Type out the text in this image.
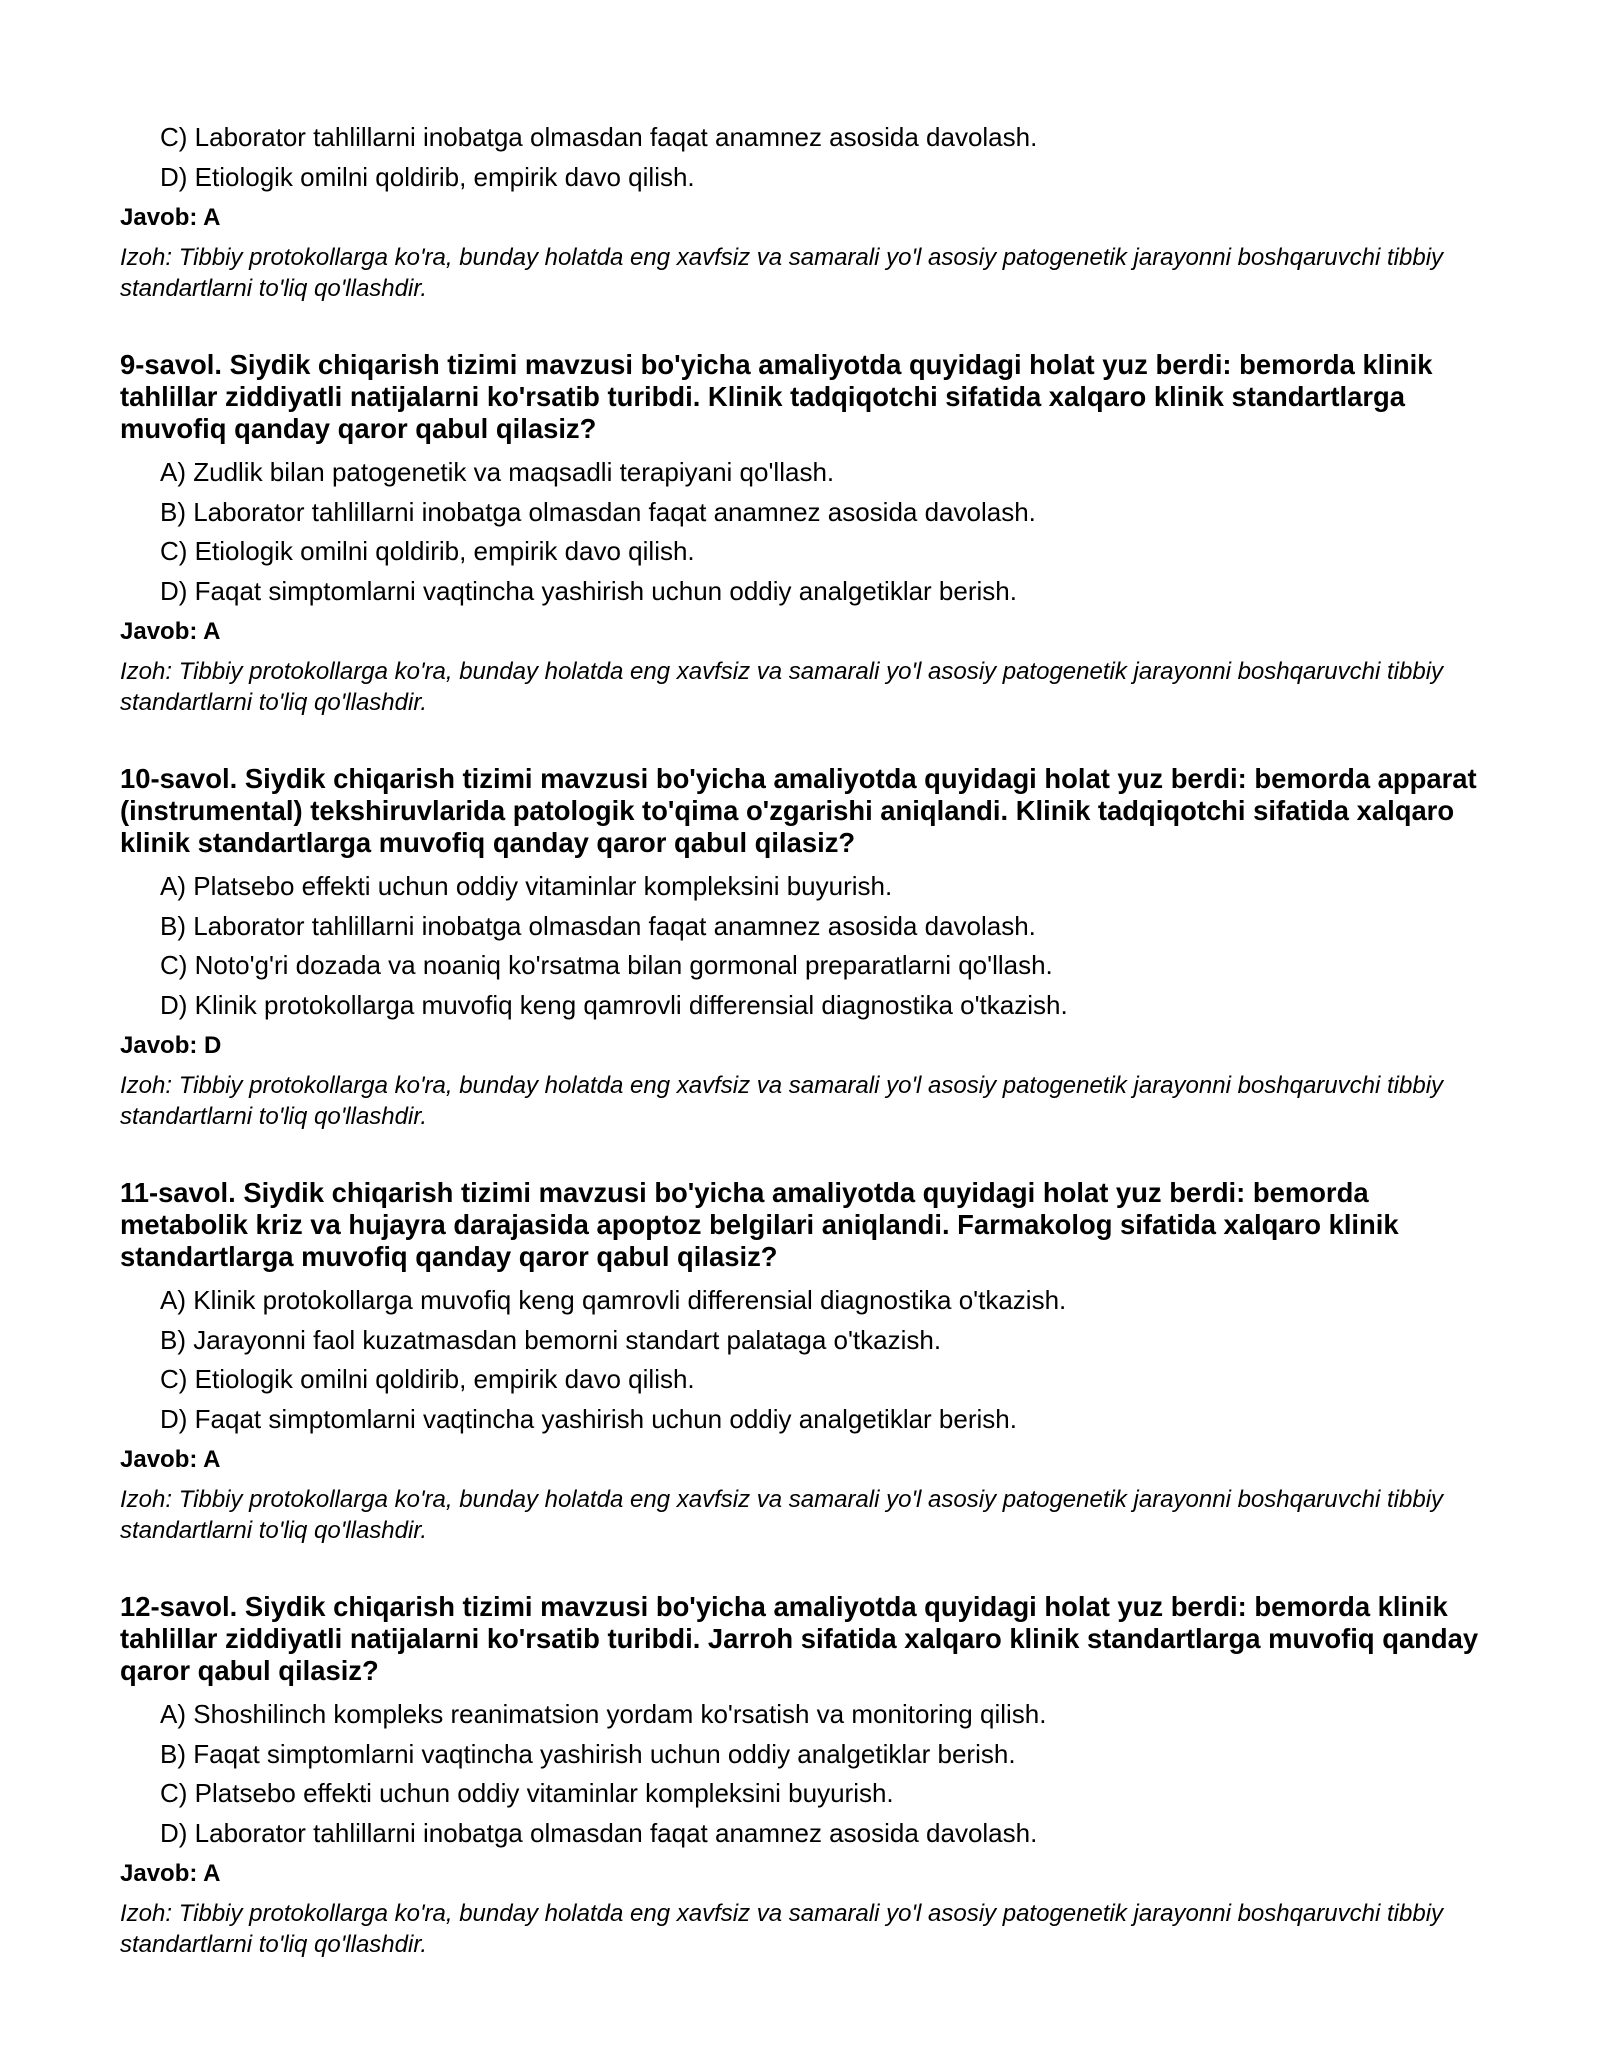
C) Laborator tahlillarni inobatga olmasdan faqat anamnez asosida davolash.
D) Etiologik omilni qoldirib, empirik davo qilish.
Javob: A
Izoh: Tibbiy protokollarga ko'ra, bunday holatda eng xavfsiz va samarali yo'l asosiy patogenetik jarayonni boshqaruvchi tibbiy standartlarni to'liq qo'llashdir.
9-savol. Siydik chiqarish tizimi mavzusi bo'yicha amaliyotda quyidagi holat yuz berdi: bemorda klinik tahlillar ziddiyatli natijalarni ko'rsatib turibdi. Klinik tadqiqotchi sifatida xalqaro klinik standartlarga muvofiq qanday qaror qabul qilasiz?
A) Zudlik bilan patogenetik va maqsadli terapiyani qo'llash.
B) Laborator tahlillarni inobatga olmasdan faqat anamnez asosida davolash.
C) Etiologik omilni qoldirib, empirik davo qilish.
D) Faqat simptomlarni vaqtincha yashirish uchun oddiy analgetiklar berish.
Javob: A
Izoh: Tibbiy protokollarga ko'ra, bunday holatda eng xavfsiz va samarali yo'l asosiy patogenetik jarayonni boshqaruvchi tibbiy standartlarni to'liq qo'llashdir.
10-savol. Siydik chiqarish tizimi mavzusi bo'yicha amaliyotda quyidagi holat yuz berdi: bemorda apparat (instrumental) tekshiruvlarida patologik to'qima o'zgarishi aniqlandi. Klinik tadqiqotchi sifatida xalqaro klinik standartlarga muvofiq qanday qaror qabul qilasiz?
A) Platsebo effekti uchun oddiy vitaminlar kompleksini buyurish.
B) Laborator tahlillarni inobatga olmasdan faqat anamnez asosida davolash.
C) Noto'g'ri dozada va noaniq ko'rsatma bilan gormonal preparatlarni qo'llash.
D) Klinik protokollarga muvofiq keng qamrovli differensial diagnostika o'tkazish.
Javob: D
Izoh: Tibbiy protokollarga ko'ra, bunday holatda eng xavfsiz va samarali yo'l asosiy patogenetik jarayonni boshqaruvchi tibbiy standartlarni to'liq qo'llashdir.
11-savol. Siydik chiqarish tizimi mavzusi bo'yicha amaliyotda quyidagi holat yuz berdi: bemorda metabolik kriz va hujayra darajasida apoptoz belgilari aniqlandi. Farmakolog sifatida xalqaro klinik standartlarga muvofiq qanday qaror qabul qilasiz?
A) Klinik protokollarga muvofiq keng qamrovli differensial diagnostika o'tkazish.
B) Jarayonni faol kuzatmasdan bemorni standart palataga o'tkazish.
C) Etiologik omilni qoldirib, empirik davo qilish.
D) Faqat simptomlarni vaqtincha yashirish uchun oddiy analgetiklar berish.
Javob: A
Izoh: Tibbiy protokollarga ko'ra, bunday holatda eng xavfsiz va samarali yo'l asosiy patogenetik jarayonni boshqaruvchi tibbiy standartlarni to'liq qo'llashdir.
12-savol. Siydik chiqarish tizimi mavzusi bo'yicha amaliyotda quyidagi holat yuz berdi: bemorda klinik tahlillar ziddiyatli natijalarni ko'rsatib turibdi. Jarroh sifatida xalqaro klinik standartlarga muvofiq qanday qaror qabul qilasiz?
A) Shoshilinch kompleks reanimatsion yordam ko'rsatish va monitoring qilish.
B) Faqat simptomlarni vaqtincha yashirish uchun oddiy analgetiklar berish.
C) Platsebo effekti uchun oddiy vitaminlar kompleksini buyurish.
D) Laborator tahlillarni inobatga olmasdan faqat anamnez asosida davolash.
Javob: A
Izoh: Tibbiy protokollarga ko'ra, bunday holatda eng xavfsiz va samarali yo'l asosiy patogenetik jarayonni boshqaruvchi tibbiy standartlarni to'liq qo'llashdir.
